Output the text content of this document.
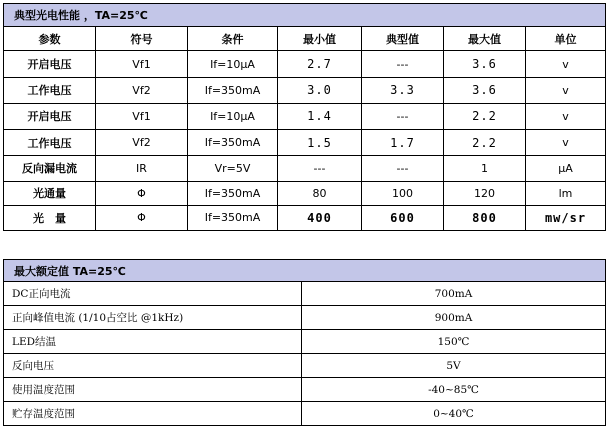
典型光电性能 ，TA=25℃						
参数	符号	条件	最小值	典型值	最大值	单位
开启电压	Vf1	If=10μA	2.7	---	3.6	v
工作电压	Vf2	If=350mA	3.0	3.3	3.6	v
开启电压	Vf1	If=10μA	1.4	---	2.2	v
工作电压	Vf2	If=350mA	1.5	1.7	2.2	v
反向漏电流	IR	Vr=5V	---	---	1	μA
光通量	Φ	If=350mA	80	100	120	lm
光　量	Φ	If=350mA	400	600	800	mw/sr
最大额定值 TA=25℃	
DC正向电流	700mA
正向峰值电流 (1/10占空比 @1kHz)	900mA
LED结温	150℃
反向电压	5V
使用温度范围	-40~85℃
贮存温度范围	0~40℃
